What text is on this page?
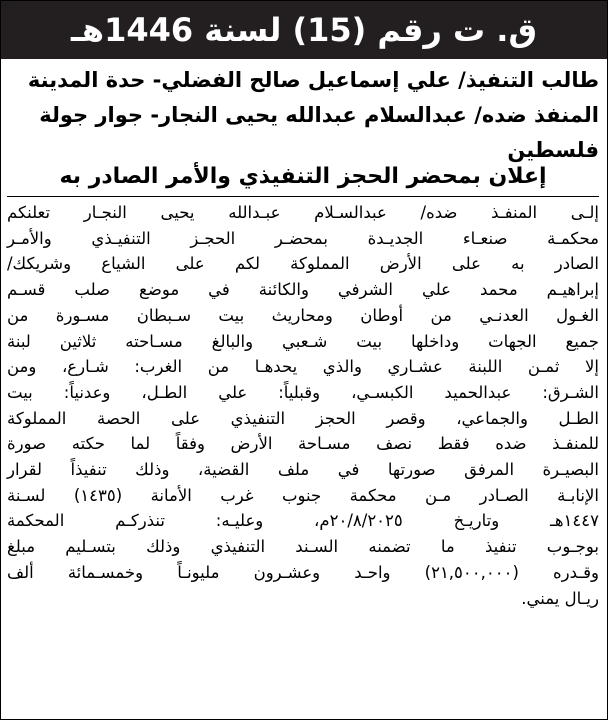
ق. ت رقم (15) لسنة 1446هـ
طالب التنفيذ/ علي إسماعيل صالح الفضلي- حدة المدينة
المنفذ ضده/ عبدالسلام عبدالله يحيى النجار- جوار جولة فلسطين
إعلان بمحضر الحجز التنفيذي والأمر الصادر به
إلـى المنفـذ ضده/ عبدالسـلام عبـدالله يحيى النجـار تعلنكم
محكمـة صنعـاء الجديـدة بمحضـر الحجـز التنفيـذي والأمـر
الصادر به على الأرض المملوكة لكم على الشياع وشريكك/
إبراهيـم محمد علي الشرفي والكائنة في موضع صلب قسـم
الغـول العدنـي من أوطان ومحاريث بيت سـبطان مسـورة من
جميع الجهات وداخلها بيت شـعبي والبالغ مسـاحته ثلاثين لبنة
إلا ثمـن اللبنة عشـاري والذي يحدهـا من الغرب: شـارع، ومن
الشـرق: عبدالحميد الكبسـي، وقبلياً: علي الطـل، وعدنياً: بيت
الطـل والجماعي، وقصر الحجز التنفيذي على الحصة المملوكة
للمنفـذ ضده فقط نصف مسـاحة الأرض وفقاً لما حكته صورة
البصيـرة المرفق صورتها في ملف القضية، وذلك تنفيذاً لقرار
الإنابـة الصـادر مـن محكمة جنوب غرب الأمانة (١٤٣٥) لسـنة
١٤٤٧هـ وتاريـخ ٢٠/٨/٢٠٢٥م، وعليـه: تنذركـم المحكمة
بوجـوب تنفيذ ما تضمنه السـند التنفيذي وذلك بتسـليم مبلغ
وقـدره (٢١,٥٠٠,٠٠٠) واحـد وعشـرون مليونـاً وخمسـمائة ألف
ريـال يمني.
